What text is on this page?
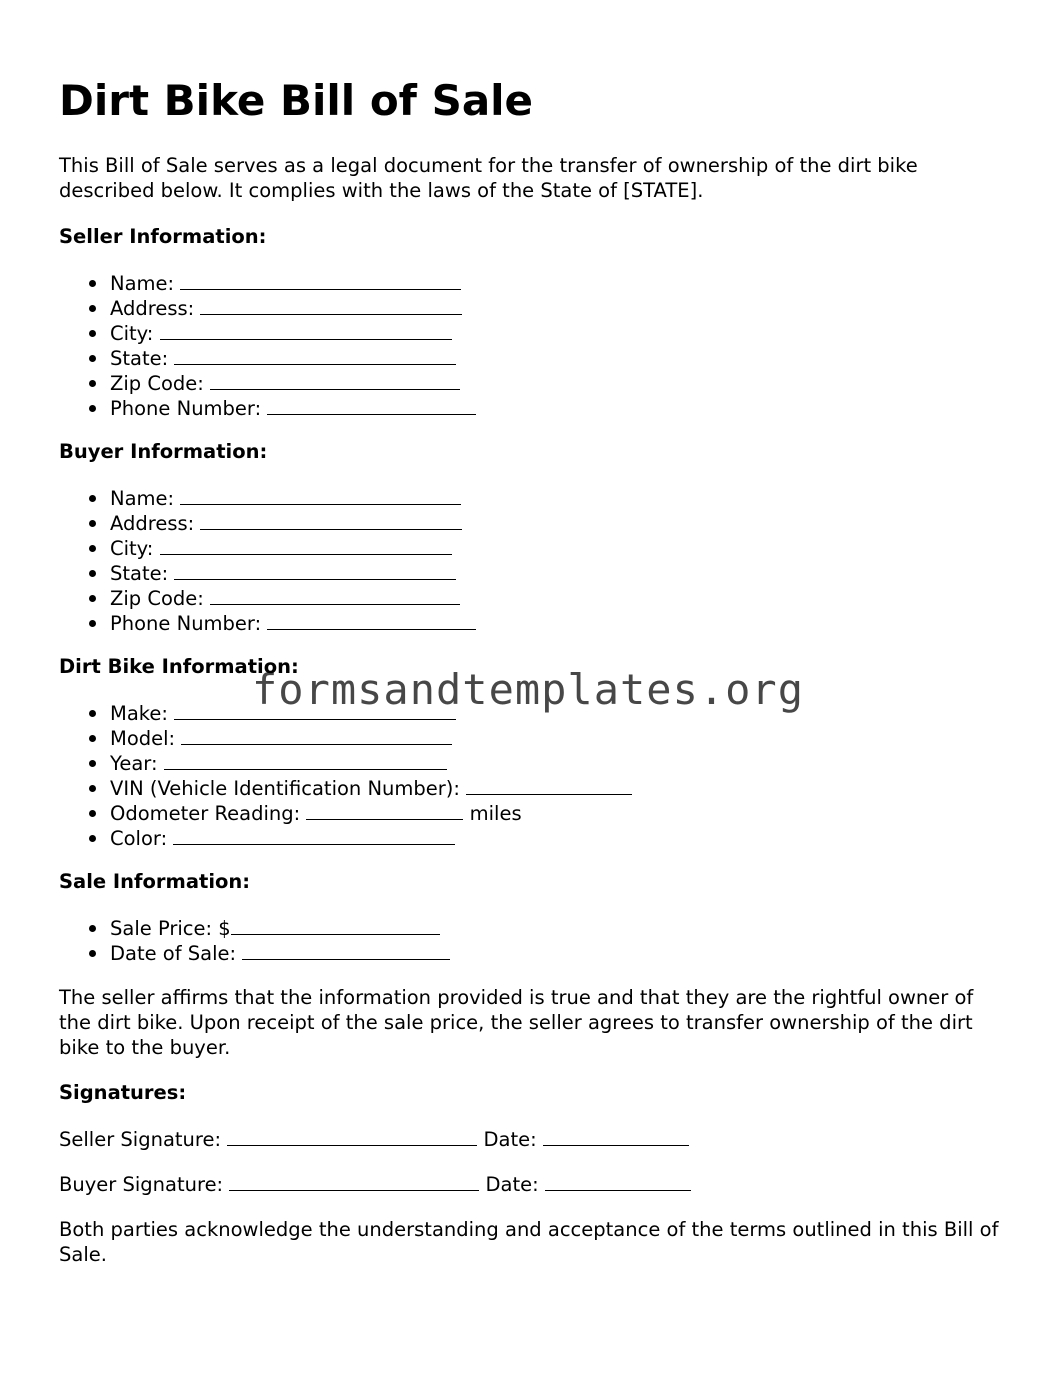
Dirt Bike Bill of Sale

This Bill of Sale serves as a legal document for the transfer of ownership of the dirt bike described below. It complies with the laws of the State of [STATE].

Seller Information:

Name:
Address:
City:
State:
Zip Code:
Phone Number:

Buyer Information:

Name:
Address:
City:
State:
Zip Code:
Phone Number:

Dirt Bike Information:

Make:
Model:
Year:
VIN (Vehicle Identification Number):
Odometer Reading:	miles
Color:

Sale Information:

Sale Price: $
Date of Sale:

The seller affirms that the information provided is true and that they are the rightful owner of the dirt bike. Upon receipt of the sale price, the seller agrees to transfer ownership of the dirt bike to the buyer.

Signatures:

Seller Signature:	Date:

Buyer Signature:	Date:

Both parties acknowledge the understanding and acceptance of the terms outlined in this Bill of Sale.

formsandtemplates.org
